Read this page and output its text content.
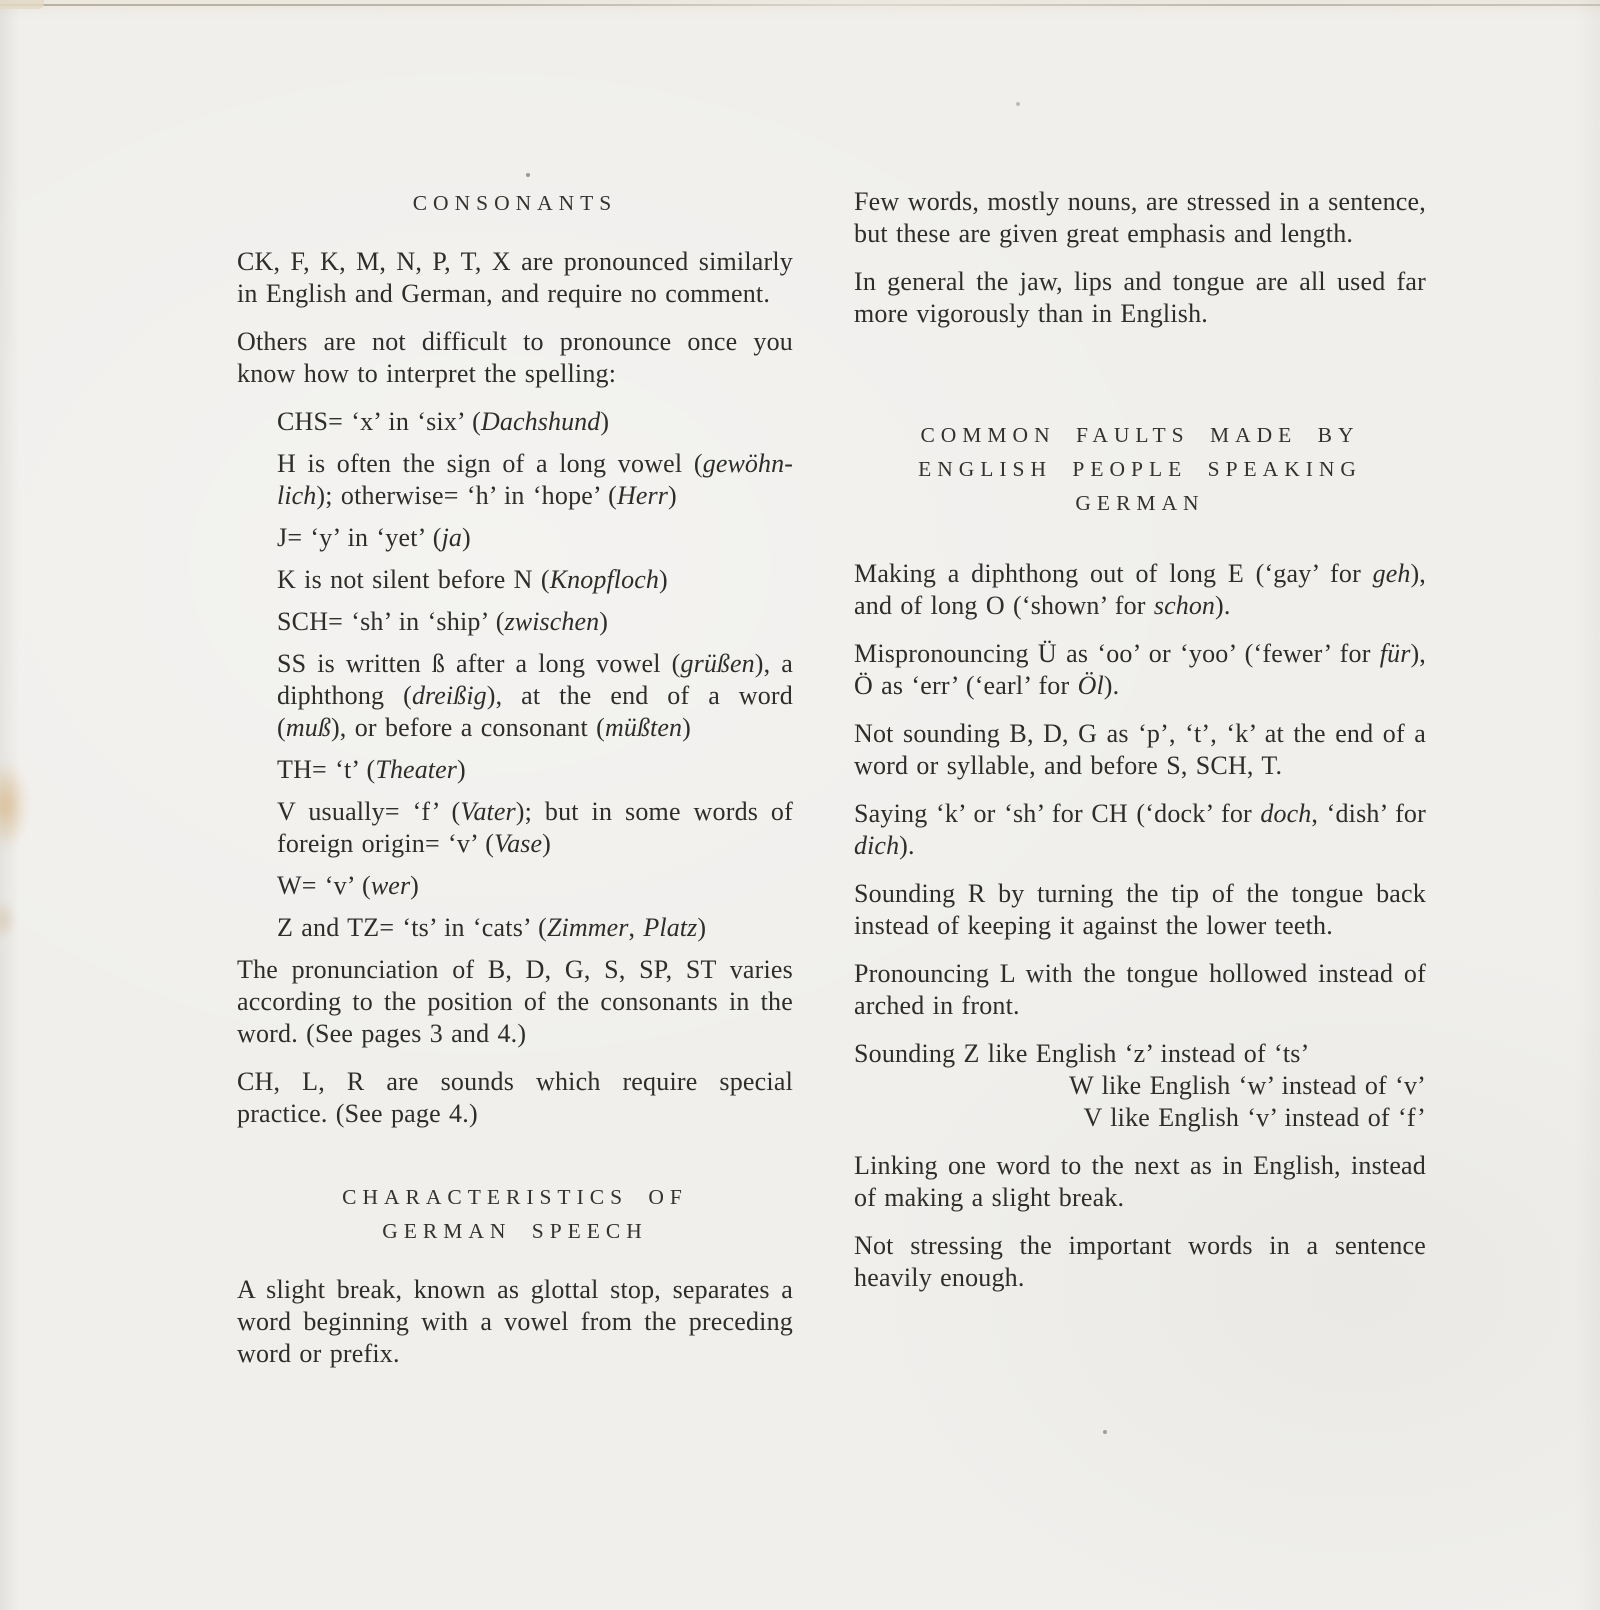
CONSONANTS

CK, F, K, M, N, P, T, X are pronounced similarly in English and German, and require no comment.

Others are not difficult to pronounce once you know how to interpret the spelling:

CHS= ‘x’ in ‘six’ (Dachshund)

H is often the sign of a long vowel (gewöhn-lich); otherwise= ‘h’ in ‘hope’ (Herr)

J= ‘y’ in ‘yet’ (ja)

K is not silent before N (Knopfloch)

SCH= ‘sh’ in ‘ship’ (zwischen)

SS is written ß after a long vowel (grüßen), a diphthong (dreißig), at the end of a word (muß), or before a consonant (müßten)

TH= ‘t’ (Theater)

V usually= ‘f’ (Vater); but in some words of foreign origin= ‘v’ (Vase)

W= ‘v’ (wer)

Z and TZ= ‘ts’ in ‘cats’ (Zimmer, Platz)

The pronunciation of B, D, G, S, SP, ST varies according to the position of the consonants in the word. (See pages 3 and 4.)

CH, L, R are sounds which require special practice. (See page 4.)

CHARACTERISTICS OF
GERMAN SPEECH

A slight break, known as glottal stop, separates a word beginning with a vowel from the preceding word or prefix.

Few words, mostly nouns, are stressed in a sentence, but these are given great emphasis and length.

In general the jaw, lips and tongue are all used far more vigorously than in English.

COMMON FAULTS MADE BY
ENGLISH PEOPLE SPEAKING GERMAN

Making a diphthong out of long E (‘gay’ for geh), and of long O (‘shown’ for schon).

Mispronouncing Ü as ‘oo’ or ‘yoo’ (‘fewer’ for für), Ö as ‘err’ (‘earl’ for Öl).

Not sounding B, D, G as ‘p’, ‘t’, ‘k’ at the end of a word or syllable, and before S, SCH, T.

Saying ‘k’ or ‘sh’ for CH (‘dock’ for doch, ‘dish’ for dich).

Sounding R by turning the tip of the tongue back instead of keeping it against the lower teeth.

Pronouncing L with the tongue hollowed instead of arched in front.

Sounding Z like English ‘z’ instead of ‘ts’
W like English ‘w’ instead of ‘v’
V like English ‘v’ instead of ‘f’

Linking one word to the next as in English, instead of making a slight break.

Not stressing the important words in a sentence heavily enough.
